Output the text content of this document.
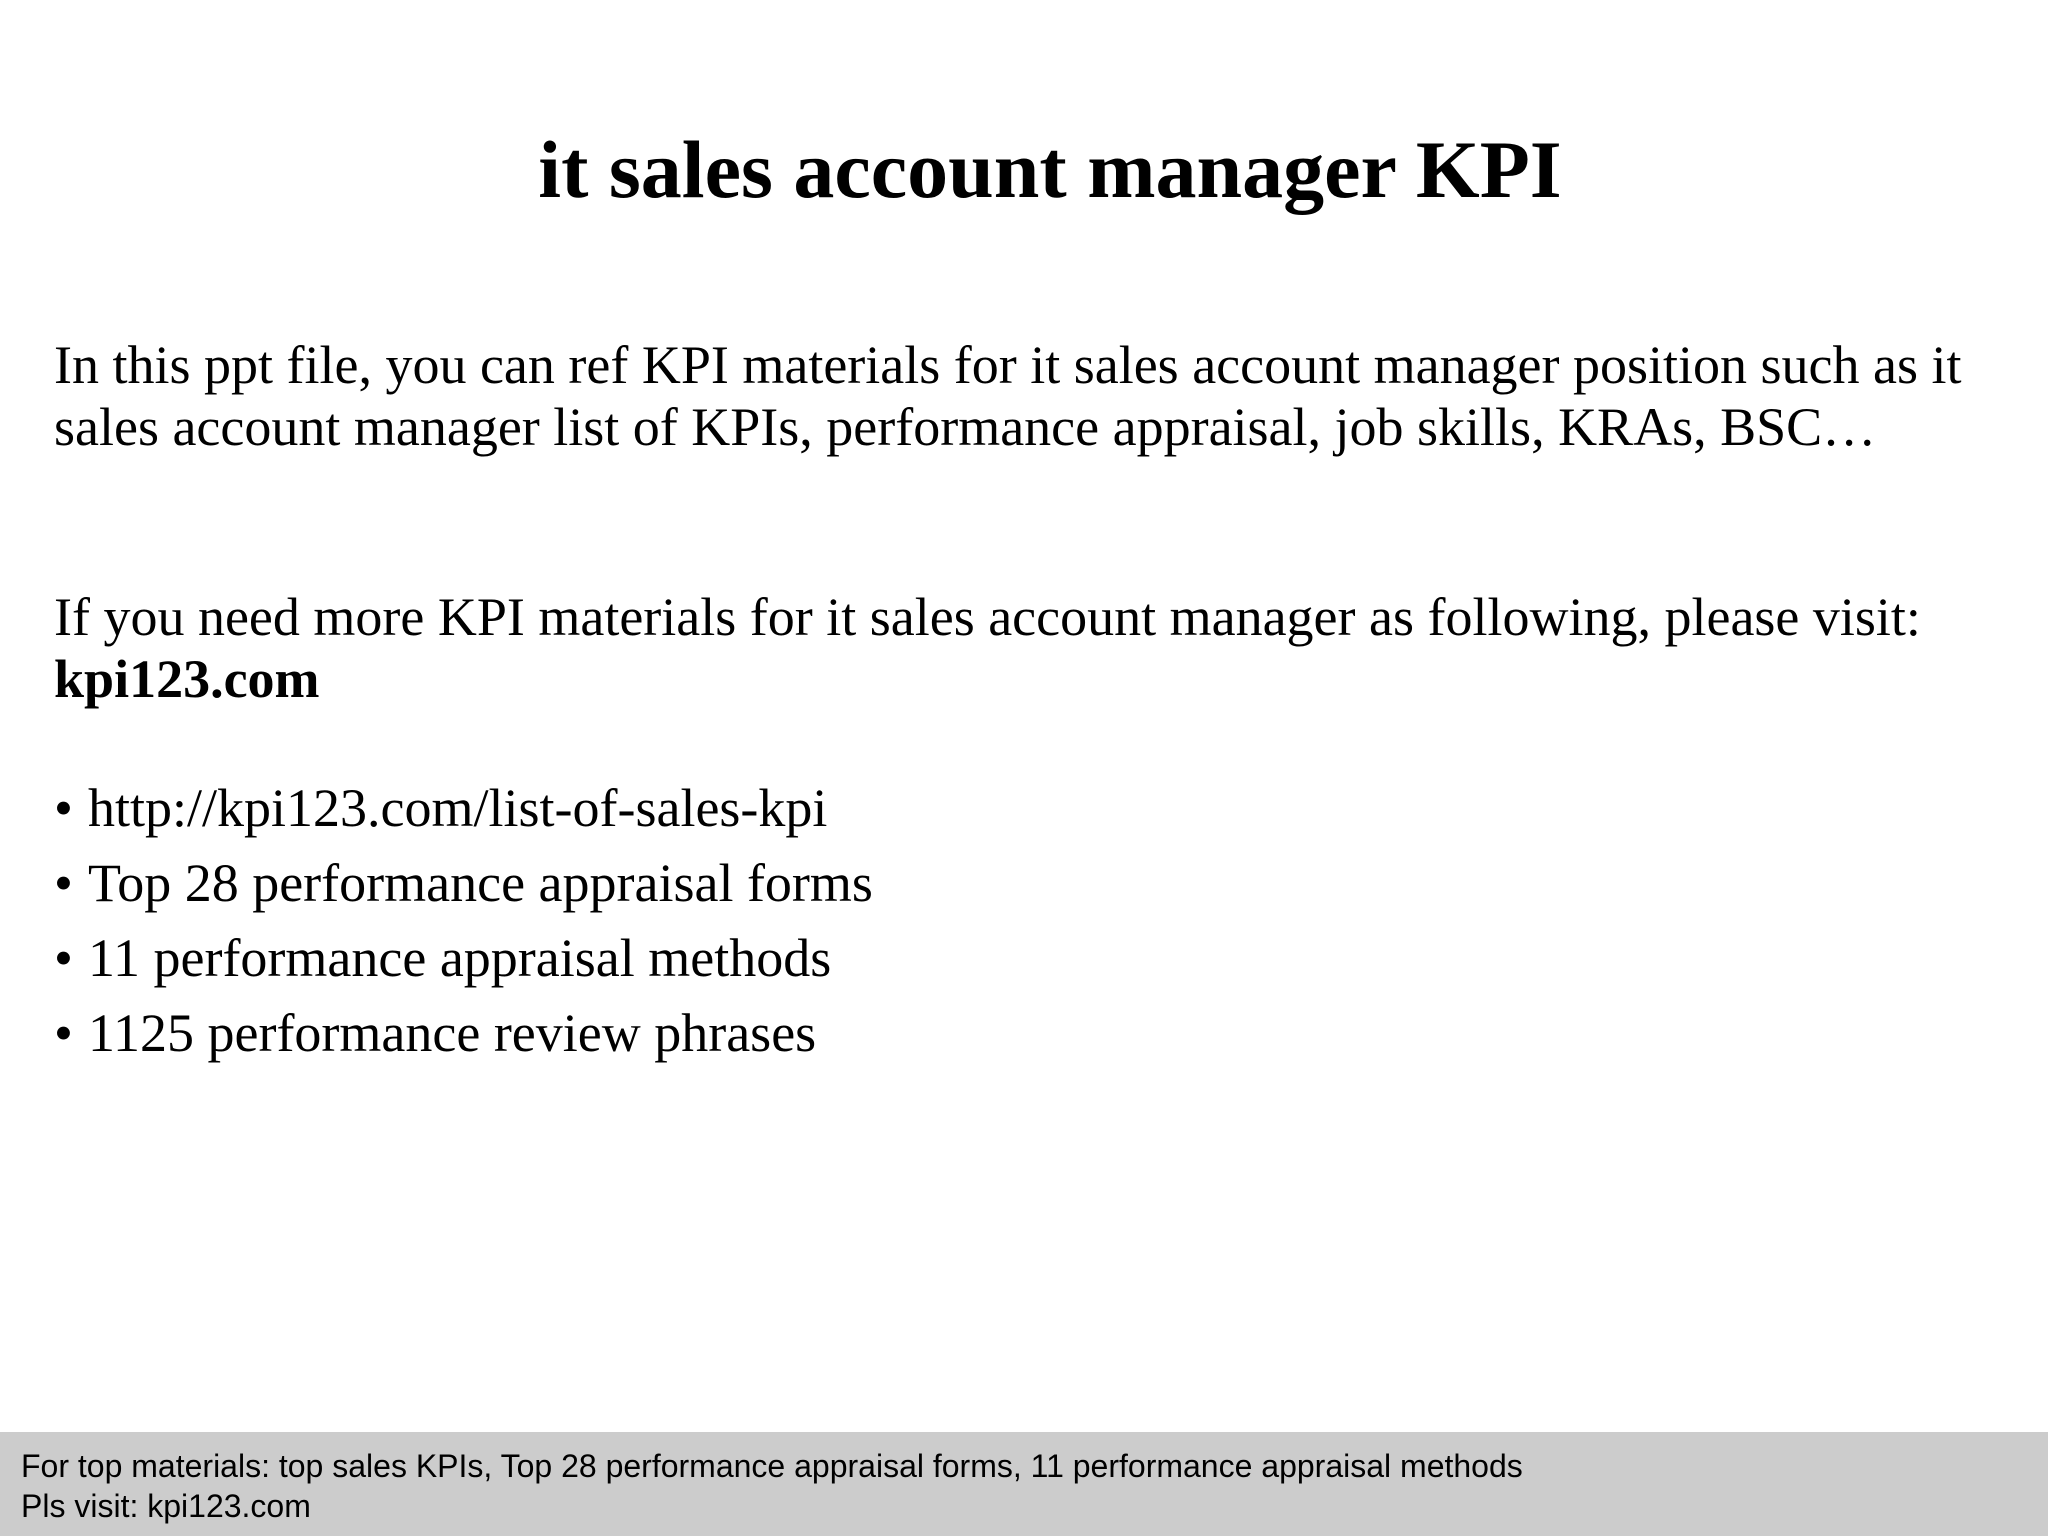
it sales account manager KPI

In this ppt file, you can ref KPI materials for it sales account manager position such as it sales account manager list of KPIs, performance appraisal, job skills, KRAs, BSC…

If you need more KPI materials for it sales account manager as following, please visit: kpi123.com

• http://kpi123.com/list-of-sales-kpi
• Top 28 performance appraisal forms
• 11 performance appraisal methods
• 1125 performance review phrases
For top materials: top sales KPIs, Top 28 performance appraisal forms, 11 performance appraisal methods
Pls visit: kpi123.com
